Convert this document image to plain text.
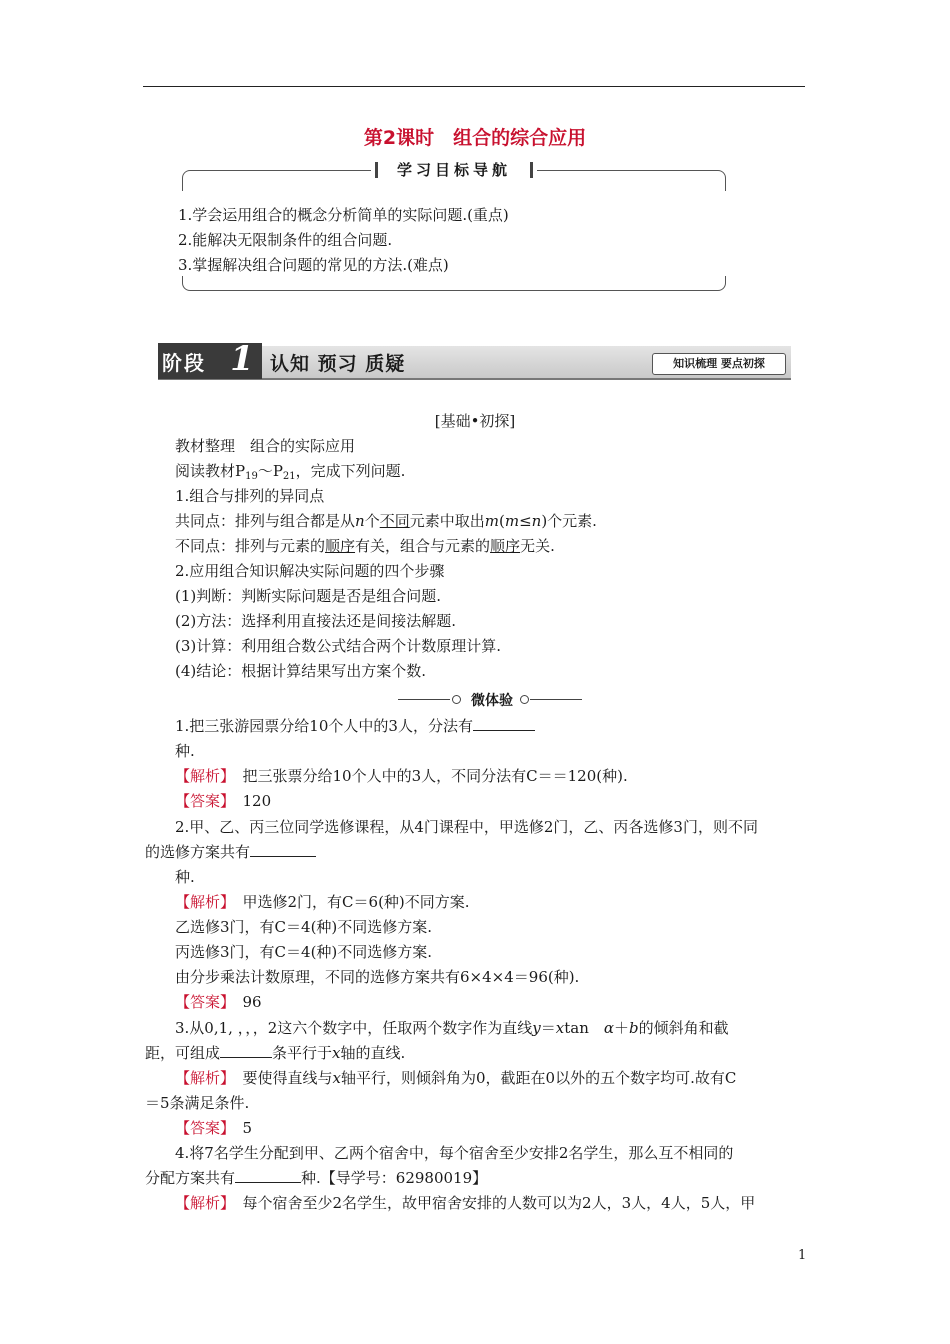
第2课时　组合的综合应用
学习目标导航
1.学会运用组合的概念分析简单的实际问题.(重点)
2.能解决无限制条件的组合问题.
3.掌握解决组合问题的常见的方法.(难点)
阶段 1 认知 预习 质疑	知识梳理 要点初探
[基础•初探]
教材整理　组合的实际应用
阅读教材$P_{19}\sim P_{21}$，完成下列问题.
1.组合与排列的异同点
共同点：排列与组合都是从n个不同元素中取出m(m≤n)个元素.
不同点：排列与元素的顺序有关，组合与元素的顺序无关.
2.应用组合知识解决实际问题的四个步骤
(1)判断：判断实际问题是否是组合问题.
(2)方法：选择利用直接法还是间接法解题.
(3)计算：利用组合数公式结合两个计数原理计算.
(4)结论：根据计算结果写出方案个数.
微体验
1.把三张游园票分给10个人中的3人，分法有
种.
【解析】　把三张票分给10个人中的3人，不同分法有C＝＝120(种).
【答案】　120
2.甲、乙、丙三位同学选修课程，从4门课程中，甲选修2门，乙、丙各选修3门，则不同
的选修方案共有
种.
【解析】　甲选修2门，有C＝6(种)不同方案.
乙选修3门，有C＝4(种)不同选修方案.
丙选修3门，有C＝4(种)不同选修方案.
由分步乘法计数原理，不同的选修方案共有6×4×4＝96(种).
【答案】　96
3.从0,1, ，，，2这六个数字中，任取两个数字作为直线y＝xtan　α＋b的倾斜角和截
距，可组成	条平行于x轴的直线.
【解析】　要使得直线与x轴平行，则倾斜角为0，截距在0以外的五个数字均可.故有C
＝5条满足条件.
【答案】　5
4.将7名学生分配到甲、乙两个宿舍中，每个宿舍至少安排2名学生，那么互不相同的
分配方案共有	种.【导学号：62980019】
【解析】　每个宿舍至少2名学生，故甲宿舍安排的人数可以为2人，3人，4人，5人，甲
1
